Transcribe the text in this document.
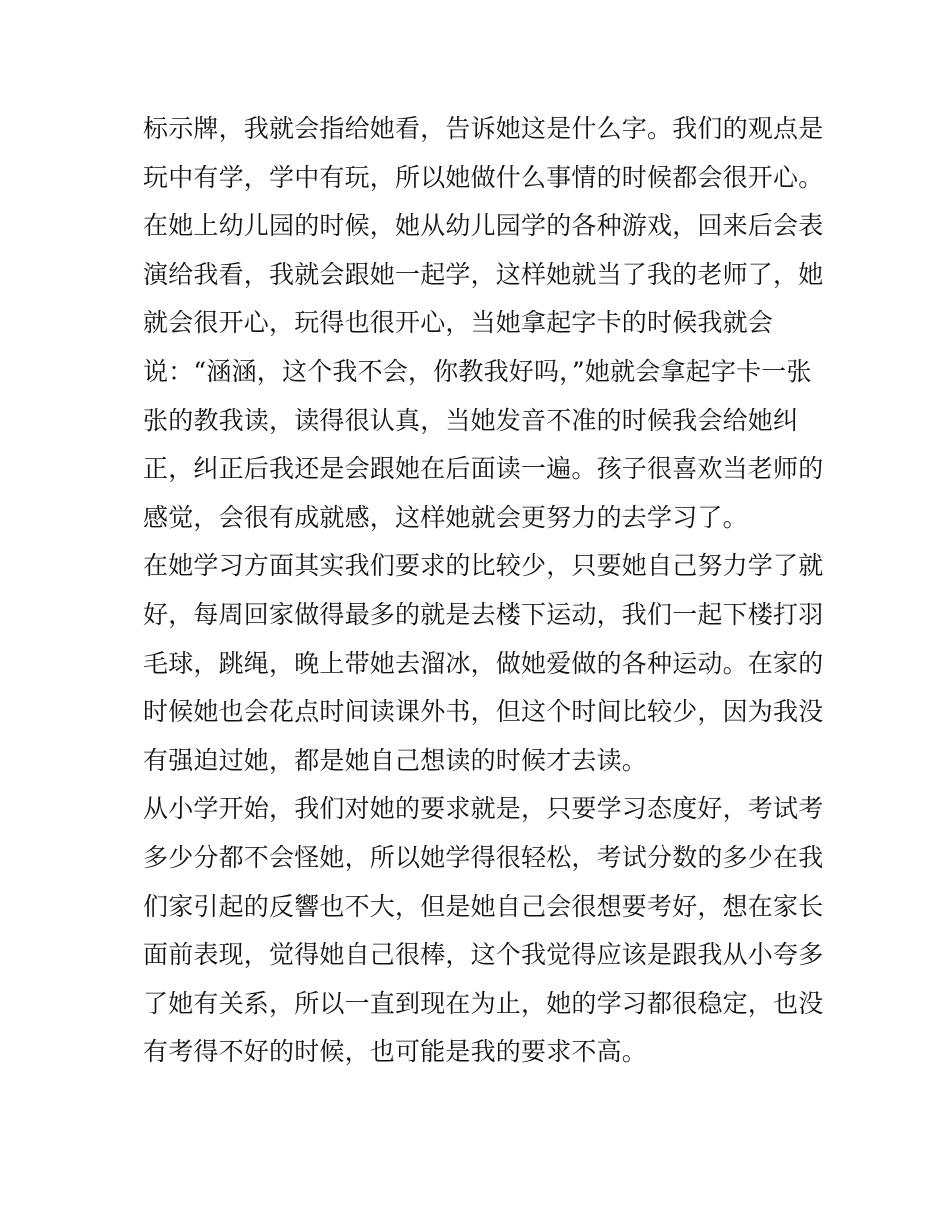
标示牌，我就会指给她看，告诉她这是什么字。我们的观点是
玩中有学，学中有玩，所以她做什么事情的时候都会很开心。
在她上幼儿园的时候，她从幼儿园学的各种游戏，回来后会表
演给我看，我就会跟她一起学，这样她就当了我的老师了，她
就会很开心，玩得也很开心，当她拿起字卡的时候我就会
说：“涵涵，这个我不会，你教我好吗，”她就会拿起字卡一张
张的教我读，读得很认真，当她发音不准的时候我会给她纠
正，纠正后我还是会跟她在后面读一遍。孩子很喜欢当老师的
感觉，会很有成就感，这样她就会更努力的去学习了。
在她学习方面其实我们要求的比较少，只要她自己努力学了就
好，每周回家做得最多的就是去楼下运动，我们一起下楼打羽
毛球，跳绳，晚上带她去溜冰，做她爱做的各种运动。在家的
时候她也会花点时间读课外书，但这个时间比较少，因为我没
有强迫过她，都是她自己想读的时候才去读。
从小学开始，我们对她的要求就是，只要学习态度好，考试考
多少分都不会怪她，所以她学得很轻松，考试分数的多少在我
们家引起的反響也不大，但是她自己会很想要考好，想在家长
面前表现，觉得她自己很棒，这个我觉得应该是跟我从小夸多
了她有关系，所以一直到现在为止，她的学习都很稳定，也没
有考得不好的时候，也可能是我的要求不高。
